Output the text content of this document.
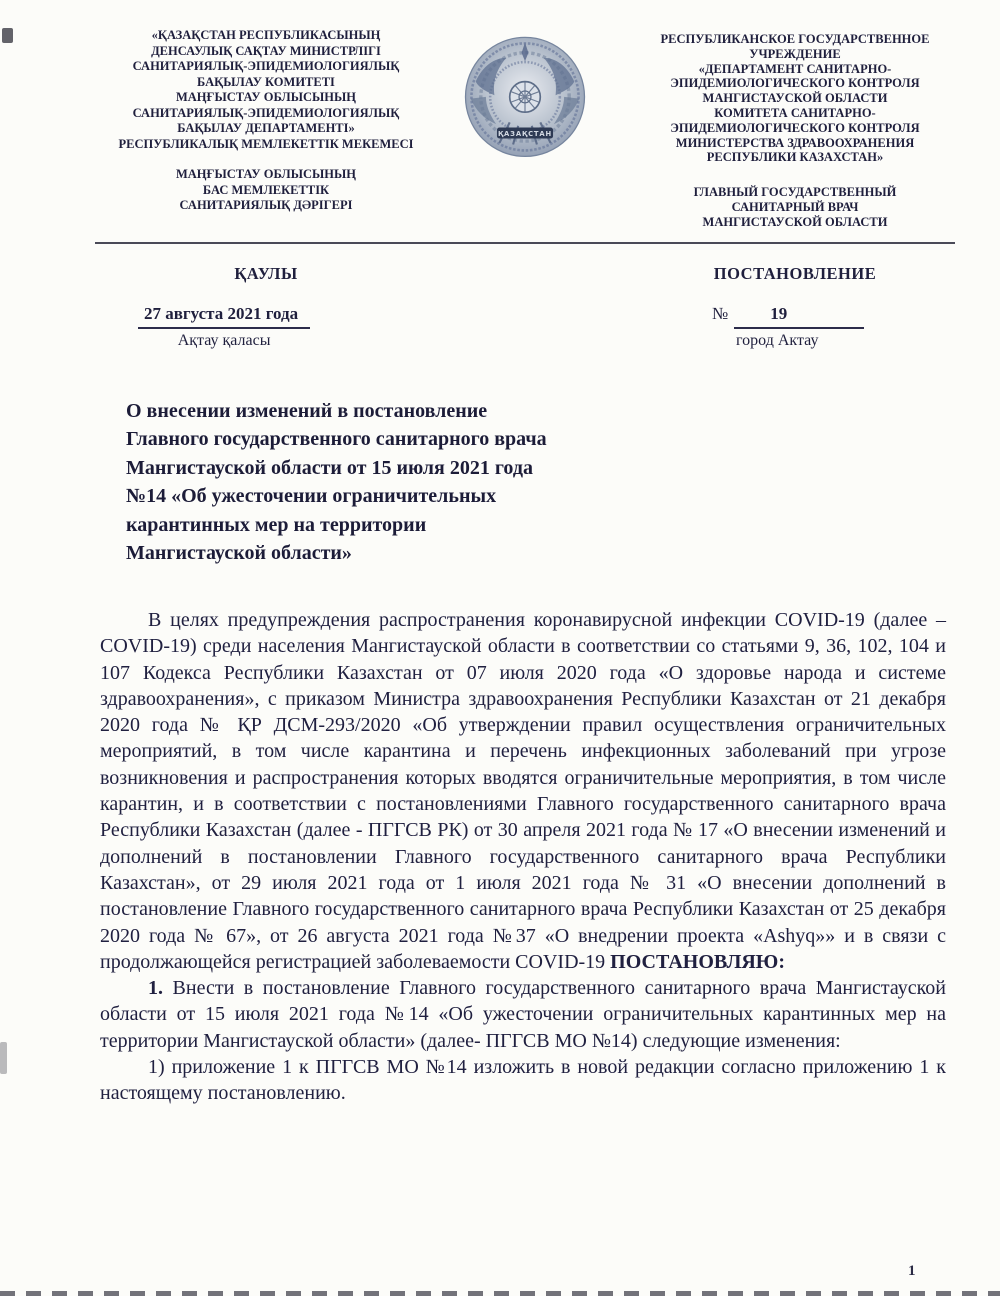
«ҚАЗАҚСТАН РЕСПУБЛИКАСЫНЫҢ
ДЕНСАУЛЫҚ САҚТАУ МИНИСТРЛІГІ
САНИТАРИЯЛЫҚ-ЭПИДЕМИОЛОГИЯЛЫҚ
БАҚЫЛАУ КОМИТЕТІ
МАҢҒЫСТАУ ОБЛЫСЫНЫҢ
САНИТАРИЯЛЫҚ-ЭПИДЕМИОЛОГИЯЛЫҚ
БАҚЫЛАУ ДЕПАРТАМЕНТІ»
РЕСПУБЛИКАЛЫҚ МЕМЛЕКЕТТІК МЕКЕМЕСІ
МАҢҒЫСТАУ ОБЛЫСЫНЫҢ
БАС МЕМЛЕКЕТТІК
САНИТАРИЯЛЫҚ ДӘРІГЕРІ
ҚАЗАҚСТАН
РЕСПУБЛИКАНСКОЕ ГОСУДАРСТВЕННОЕ
УЧРЕЖДЕНИЕ
«ДЕПАРТАМЕНТ САНИТАРНО-
ЭПИДЕМИОЛОГИЧЕСКОГО КОНТРОЛЯ
МАНГИСТАУСКОЙ ОБЛАСТИ
КОМИТЕТА САНИТАРНО-
ЭПИДЕМИОЛОГИЧЕСКОГО КОНТРОЛЯ
МИНИСТЕРСТВА ЗДРАВООХРАНЕНИЯ
РЕСПУБЛИКИ КАЗАХСТАН»
ГЛАВНЫЙ ГОСУДАРСТВЕННЫЙ
САНИТАРНЫЙ ВРАЧ
МАНГИСТАУСКОЙ ОБЛАСТИ
ҚАУЛЫ	ПОСТАНОВЛЕНИЕ
27 августа 2021 года
Ақтау қаласы
№ 19
город Актау
О внесении изменений в постановление
Главного государственного санитарного врача
Мангистауской области от 15 июля 2021 года
№14 «Об ужесточении ограничительных
карантинных мер на территории
Мангистауской области»

В целях предупреждения распространения коронавирусной инфекции COVID-19 (далее – COVID-19) среди населения Мангистауской области в соответствии со статьями 9, 36, 102, 104 и 107 Кодекса Республики Казахстан от 07 июля 2020 года «О здоровье народа и системе здравоохранения», с приказом Министра здравоохранения Республики Казахстан от 21 декабря 2020 года № ҚР ДСМ-293/2020 «Об утверждении правил осуществления ограничительных мероприятий, в том числе карантина и перечень инфекционных заболеваний при угрозе возникновения и распространения которых вводятся ограничительные мероприятия, в том числе карантин, и в соответствии с постановлениями Главного государственного санитарного врача Республики Казахстан (далее - ПГГСВ РК) от 30 апреля 2021 года № 17 «О внесении изменений и дополнений в постановлении Главного государственного санитарного врача Республики Казахстан», от 29 июля 2021 года от 1 июля 2021 года № 31 «О внесении дополнений в постановление Главного государственного санитарного врача Республики Казахстан от 25 декабря 2020 года № 67», от 26 августа 2021 года №37 «О внедрении проекта «Ashyq»» и в связи с продолжающейся регистрацией заболеваемости COVID-19 ПОСТАНОВЛЯЮ:

1. Внести в постановление Главного государственного санитарного врача Мангистауской области от 15 июля 2021 года №14 «Об ужесточении ограничительных карантинных мер на территории Мангистауской области» (далее- ПГГСВ МО №14) следующие изменения:

1) приложение 1 к ПГГСВ МО №14 изложить в новой редакции согласно приложению 1 к настоящему постановлению.

1
